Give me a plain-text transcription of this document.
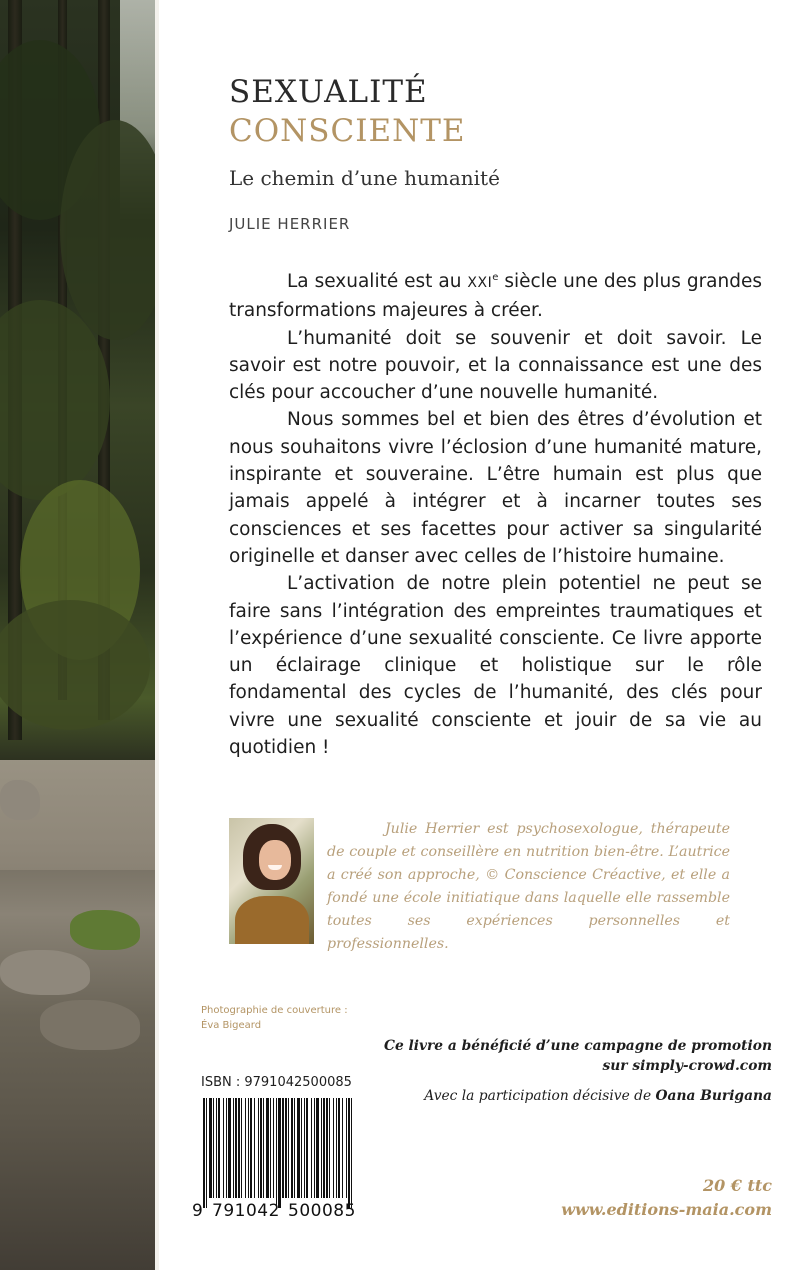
SEXUALITÉ
CONSCIENTE
Le chemin d’une humanité
JULIE HERRIER

La sexualité est au XXIe siècle une des plus grandes transformations majeures à créer.

L’humanité doit se souvenir et doit savoir. Le savoir est notre pouvoir, et la connaissance est une des clés pour accoucher d’une nouvelle humanité.

Nous sommes bel et bien des êtres d’évolution et nous souhaitons vivre l’éclosion d’une humanité mature, inspirante et souveraine. L’être humain est plus que jamais appelé à intégrer et à incarner toutes ses consciences et ses facettes pour activer sa singularité originelle et danser avec celles de l’histoire humaine.

L’activation de notre plein potentiel ne peut se faire sans l’intégration des empreintes traumatiques et l’expérience d’une sexualité consciente. Ce livre apporte un éclairage clinique et holistique sur le rôle fondamental des cycles de l’humanité, des clés pour vivre une sexualité consciente et jouir de sa vie au quotidien !

Julie Herrier est psychosexologue, thérapeute de couple et conseillère en nutrition bien-être. L’autrice a créé son approche, © Conscience Créactive, et elle a fondé une école initiatique dans laquelle elle rassemble toutes ses expériences personnelles et professionnelles.
Photographie de couverture :
Éva Bigeard
Ce livre a bénéficié d’une campagne de promotion
sur simply-crowd.com
Avec la participation décisive de Oana Burigana
ISBN : 9791042500085
9 791042 500085
20 € ttc
www.editions-maia.com
